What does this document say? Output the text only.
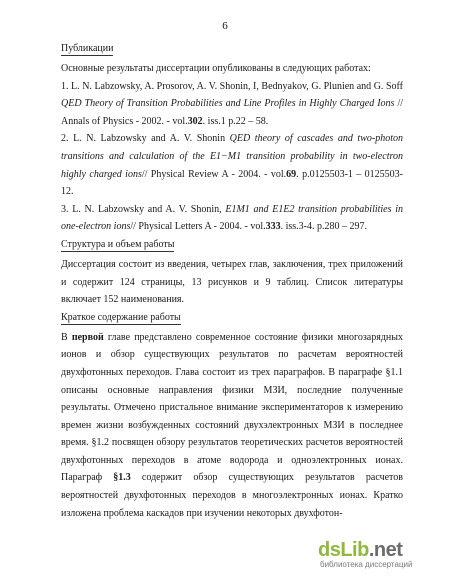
6
Публикации

Основные результаты диссертации опубликованы в следующих работах:

1. L. N. Labzowsky, A. Prosorov, A. V. Shonin, I, Bednyakov, G. Plunien and G. Soff QED Theory of Transition Probabilities and Line Profiles in Highly Charged Ions // Annals of Physics - 2002. - vol.302. iss.1 p.22 – 58.

2. L. N. Labzowsky and A. V. Shonin QED theory of cascades and two-photon transitions and calculation of the E1−M1 transition probability in two-electron highly charged ions// Physical Review A - 2004. - vol.69. p.0125503-1 – 0125503-12.

3. L. N. Labzowsky and A. V. Shonin, E1M1 and E1E2 transition probabilities in one-electron ions// Physical Letters A - 2004. - vol.333. iss.3-4. p.280 – 297.

Структура и объем работы

Диссертация состоит из введения, четырех глав, заключения, трех приложений и содержит 124 страницы, 13 рисунков и 9 таблиц. Список литературы включает 152 наименования.

Краткое содержание работы

В первой главе представлено современное состояние физики многозарядных ионов и обзор существующих результатов по расчетам вероятностей двухфотонных переходов. Глава состоит из трех параграфов. В параграфе §1.1 описаны основные направления физики МЗИ, последние полученные результаты. Отмечено пристальное внимание экспериментаторов к измерению времен жизни возбужденных состояний двухэлектронных МЗИ в последнее время. §1.2 посвящен обзору результатов теоретических расчетов вероятностей двухфотонных переходов в атоме водорода и одноэлектронных ионах. Параграф §1.3 содержит обзор существующих результатов расчетов вероятностей двухфотонных переходов в многоэлектронных ионах. Кратко изложена проблема каскадов при изучении некоторых двухфотон-

dsLib.net
библиотека диссертаций
